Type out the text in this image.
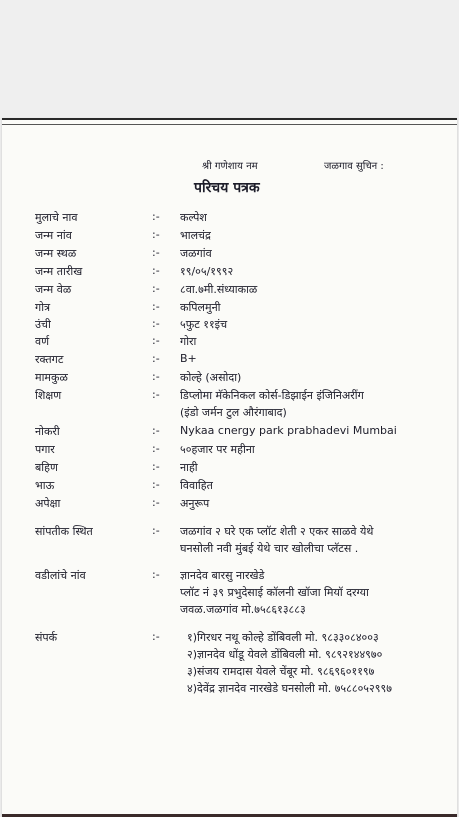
श्री गणेशाय नम	जळगाव सुचिन :
परिचय पत्रक
मुलाचे नाव	:- कल्पेश
जन्म नांव	:- भालचंद्र
जन्म स्थळ	:- जळगांव
जन्म तारीख	:- १९/०५/१९९२
जन्म वेळ	:- ८वा.७मी.संध्याकाळ
गोत्र	:- कपिलमुनी
उंची	:- ५फुट ११इंच
वर्ण	:- गोरा
रक्तगट	:- B+
मामकुळ	:- कोल्हे (असोदा)
शिक्षण	:- डिप्लोमा मॅकेनिकल कोर्स-डिझाईन इंजिनिअरींग
(इंडो जर्मन टुल औरंगाबाद)
नोकरी	:- Nykaa cnergy park prabhadevi Mumbai
पगार	:- ५०हजार पर महीना
बहिण	:- नाही
भाऊ	:- विवाहित
अपेक्षा	:- अनुरूप
सांपतीक स्थित	:- जळगांव २ घरे एक प्लॉट शेती २ एकर साळवे येथे
घनसोली नवी मुंबई येथे चार खोलीचा प्लॅटस .
वडीलांचे नांव	:- ज्ञानदेव बारसु नारखेडे
प्लॉट नं ३९ प्रभुदेसाई कॉलनी खॉजा मियॉ दरग्या
जवळ.जळगांव मो.७५८६१३८८३
संपर्क	:- १)गिरधर नथू कोल्हे डोंबिवली मो. ९८३३०८४००३
२)ज्ञानदेव धोंडू येवले डोंबिवली मो. ९८९२१४४९७०
३)संजय रामदास येवले चेंबूर मो. ९८६९६०११९७
४)देवेंद्र ज्ञानदेव नारखेडे घनसोली मो. ७५८८०५२९९७
